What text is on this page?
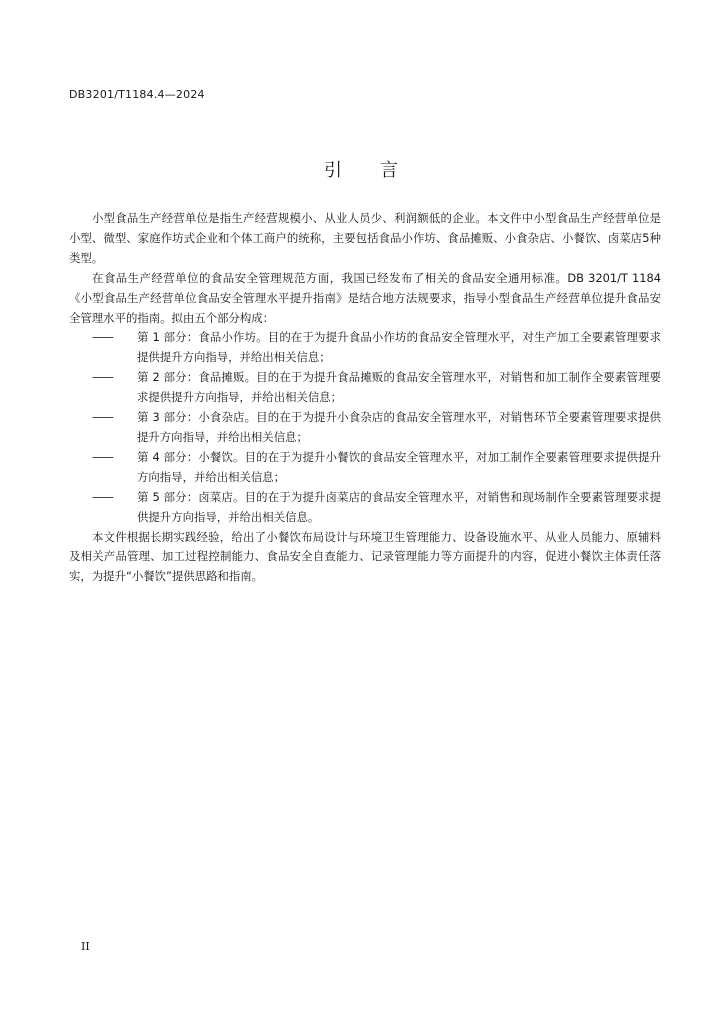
DB3201/T1184.4—2024
引 言

小型食品生产经营单位是指生产经营规模小、从业人员少、利润额低的企业。本文件中小型食品生产经营单位是小型、微型、家庭作坊式企业和个体工商户的统称，主要包括食品小作坊、食品摊贩、小食杂店、小餐饮、卤菜店5种类型。

在食品生产经营单位的食品安全管理规范方面，我国已经发布了相关的食品安全通用标准。DB 3201/T 1184《小型食品生产经营单位食品安全管理水平提升指南》是结合地方法规要求，指导小型食品生产经营单位提升食品安全管理水平的指南。拟由五个部分构成：

—— 第 1 部分：食品小作坊。目的在于为提升食品小作坊的食品安全管理水平，对生产加工全要素管理要求提供提升方向指导，并给出相关信息；

—— 第 2 部分：食品摊贩。目的在于为提升食品摊贩的食品安全管理水平，对销售和加工制作全要素管理要求提供提升方向指导，并给出相关信息；

—— 第 3 部分：小食杂店。目的在于为提升小食杂店的食品安全管理水平，对销售环节全要素管理要求提供提升方向指导，并给出相关信息；

—— 第 4 部分：小餐饮。目的在于为提升小餐饮的食品安全管理水平，对加工制作全要素管理要求提供提升方向指导，并给出相关信息；

—— 第 5 部分：卤菜店。目的在于为提升卤菜店的食品安全管理水平，对销售和现场制作全要素管理要求提供提升方向指导，并给出相关信息。

本文件根据长期实践经验，给出了小餐饮布局设计与环境卫生管理能力、设备设施水平、从业人员能力、原辅料及相关产品管理、加工过程控制能力、食品安全自查能力、记录管理能力等方面提升的内容，促进小餐饮主体责任落实，为提升“小餐饮”提供思路和指南。

II
